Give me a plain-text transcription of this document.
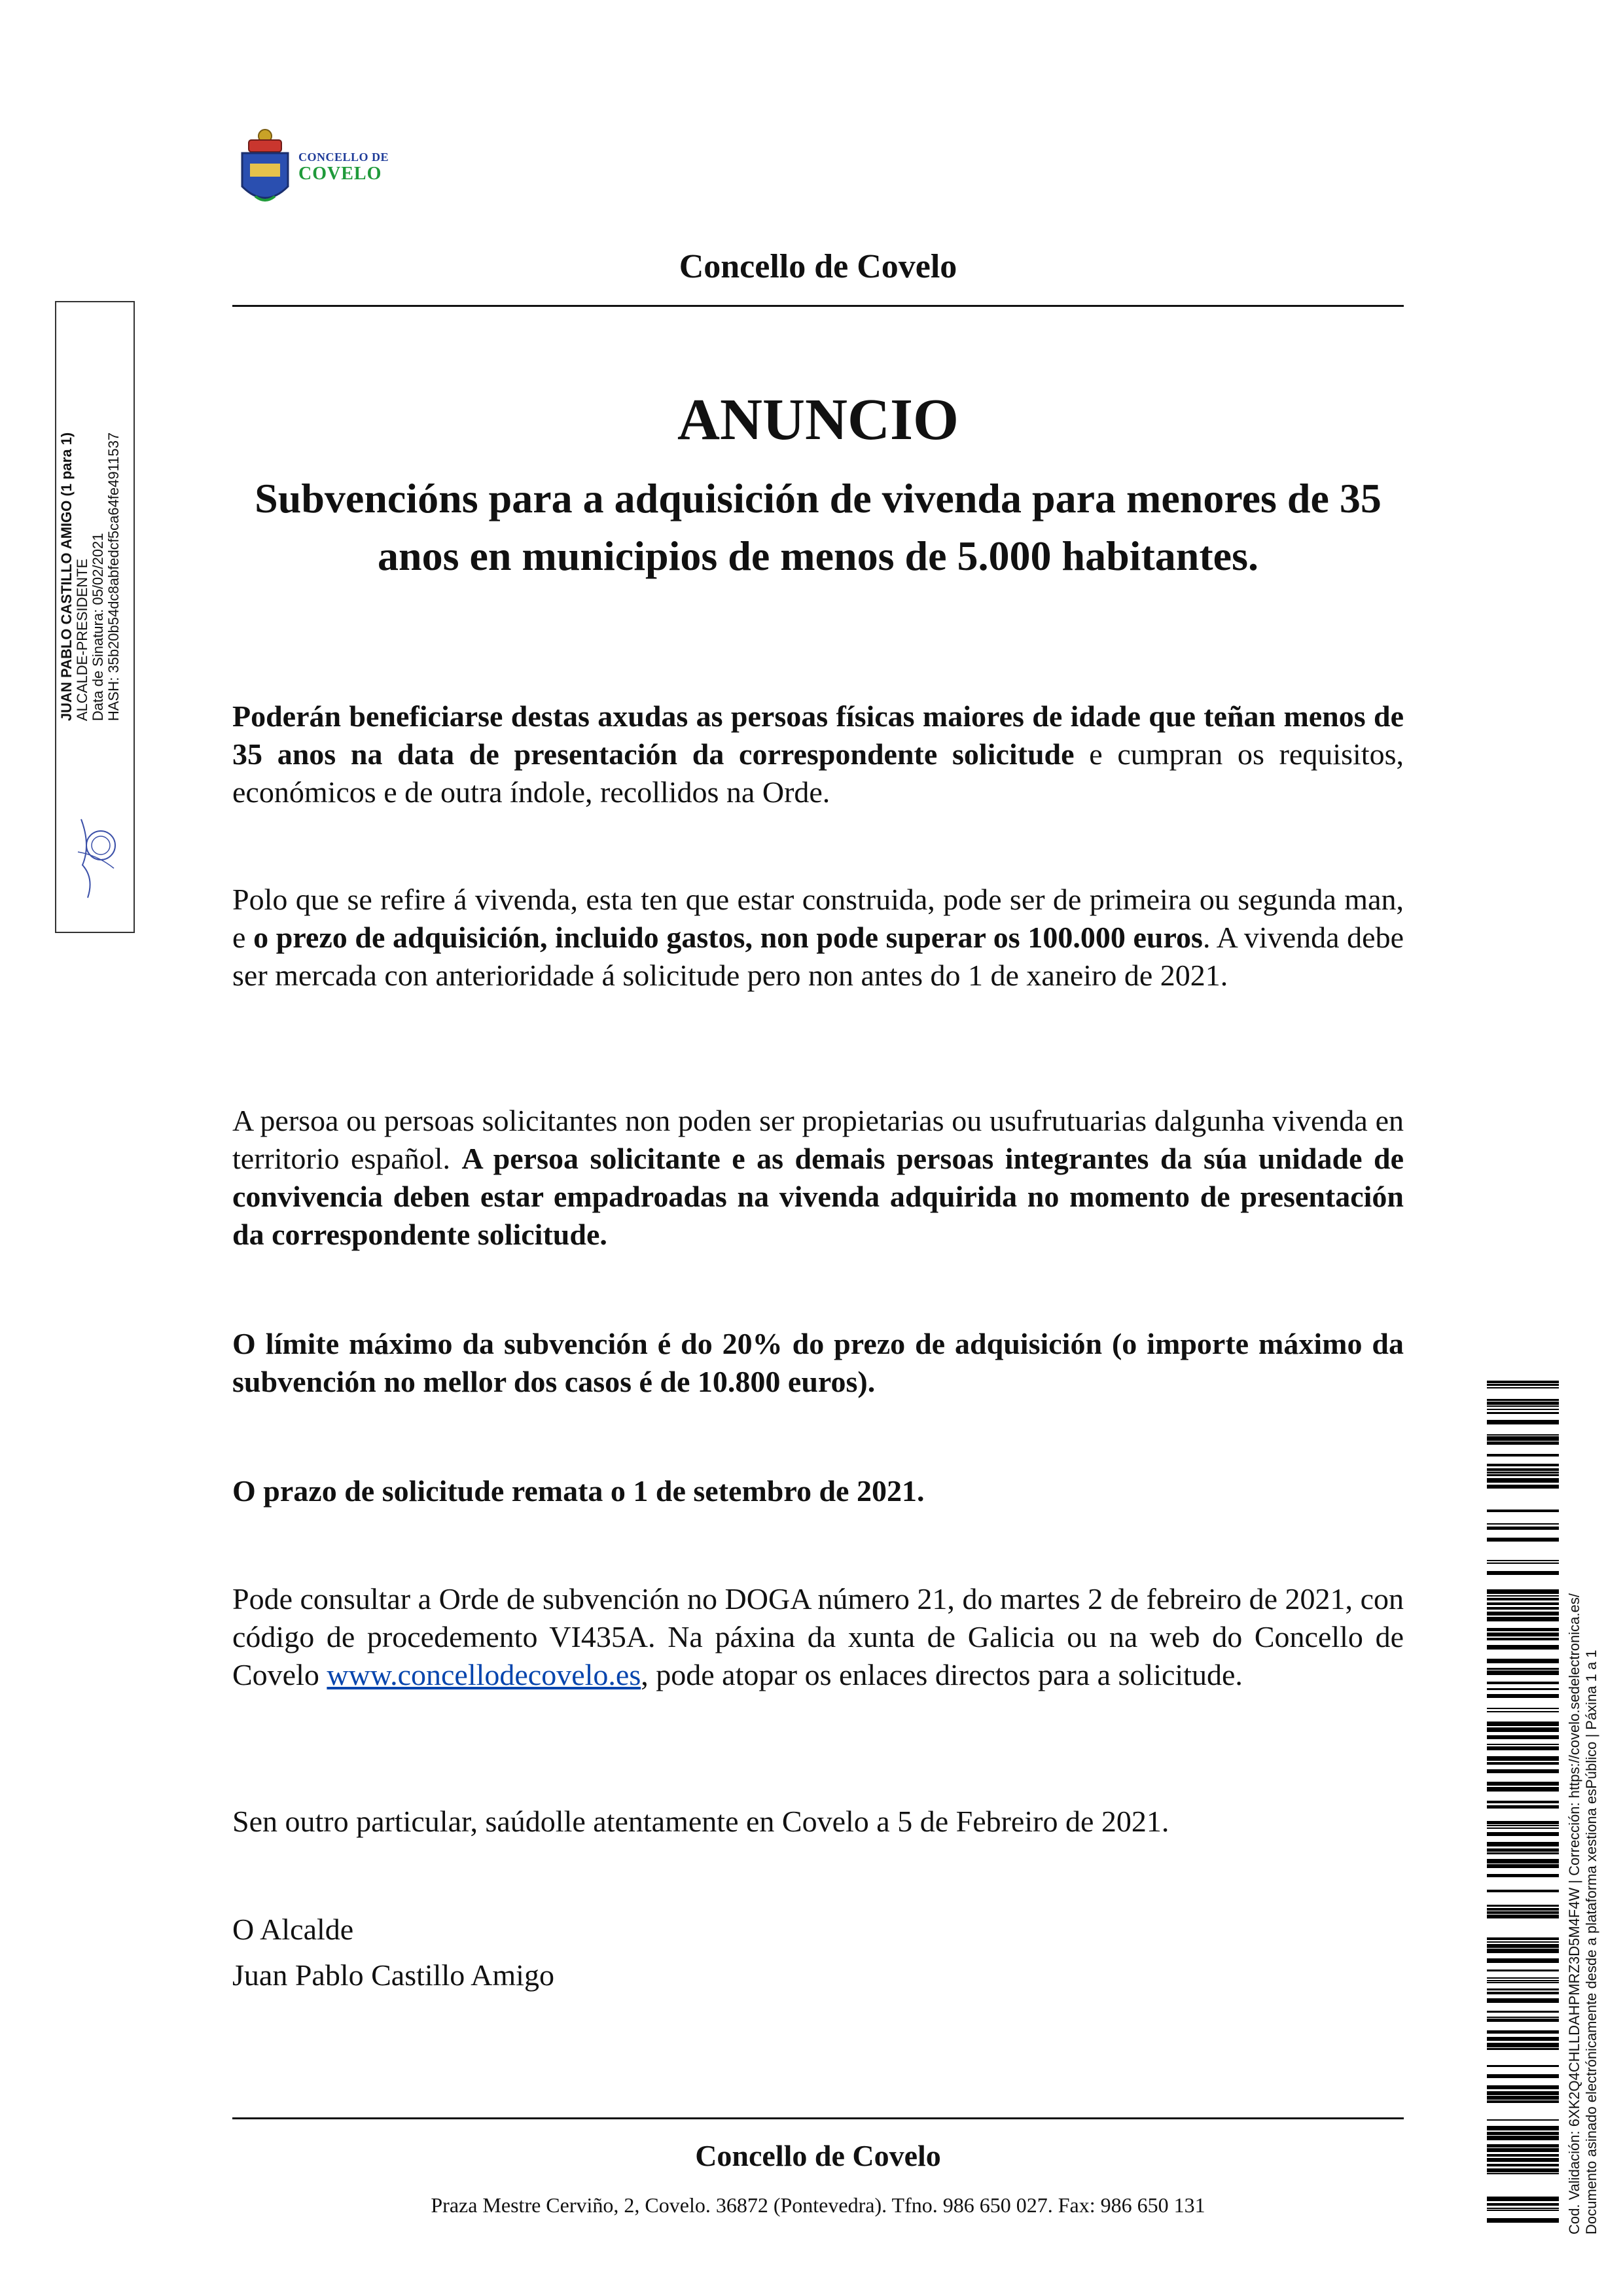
CONCELLO DE
COVELO
Concello de Covelo
ANUNCIO
Subvencións para a adquisición de vivenda para menores de 35 anos en municipios de menos de 5.000 habitantes.
Poderán beneficiarse destas axudas as persoas físicas maiores de idade que teñan menos de 35 anos na data de presentación da correspondente solicitude e cumpran os requisitos, económicos e de outra índole, recollidos na Orde.
Polo que se refire á vivenda, esta ten que estar construida, pode ser de primeira ou segunda man, e o prezo de adquisición, incluido gastos, non pode superar os 100.000 euros. A vivenda debe ser mercada con anterioridade á solicitude pero non antes do 1 de xaneiro de 2021.
A persoa ou persoas solicitantes non poden ser propietarias ou usufrutuarias dalgunha vivenda en territorio español. A persoa solicitante e as demais persoas integrantes da súa unidade de convivencia deben estar empadroadas na vivenda adquirida no momento de presentación da correspondente solicitude.
O límite máximo da subvención é do 20% do prezo de adquisición (o importe máximo da subvención no mellor dos casos é de 10.800 euros).
O prazo de solicitude remata o 1 de setembro de 2021.
Pode consultar a Orde de subvención no DOGA número 21, do martes 2 de febreiro de 2021, con código de procedemento VI435A. Na páxina da xunta de Galicia ou na web do Concello de Covelo www.concellodecovelo.es, pode atopar os enlaces directos para a solicitude.
Sen outro particular, saúdolle atentamente en Covelo a 5 de Febreiro de 2021.
O Alcalde
Juan Pablo Castillo Amigo
JUAN PABLO CASTILLO AMIGO (1 para 1) ALCALDE-PRESIDENTE Data de Sinatura: 05/02/2021 HASH: 35b20b54dc8abfedcf5ca64fe4911537
Cod. Validación: 6XK2Q4CHLLDAHPMRZ3D5M4F4W | Corrección: https://covelo.sedelectronica.es/ Documento asinado electrónicamente desde a plataforma xestiona esPúblico | Páxina 1 a 1
Concello de Covelo
Praza Mestre Cerviño, 2, Covelo. 36872 (Pontevedra). Tfno. 986 650 027. Fax: 986 650 131
